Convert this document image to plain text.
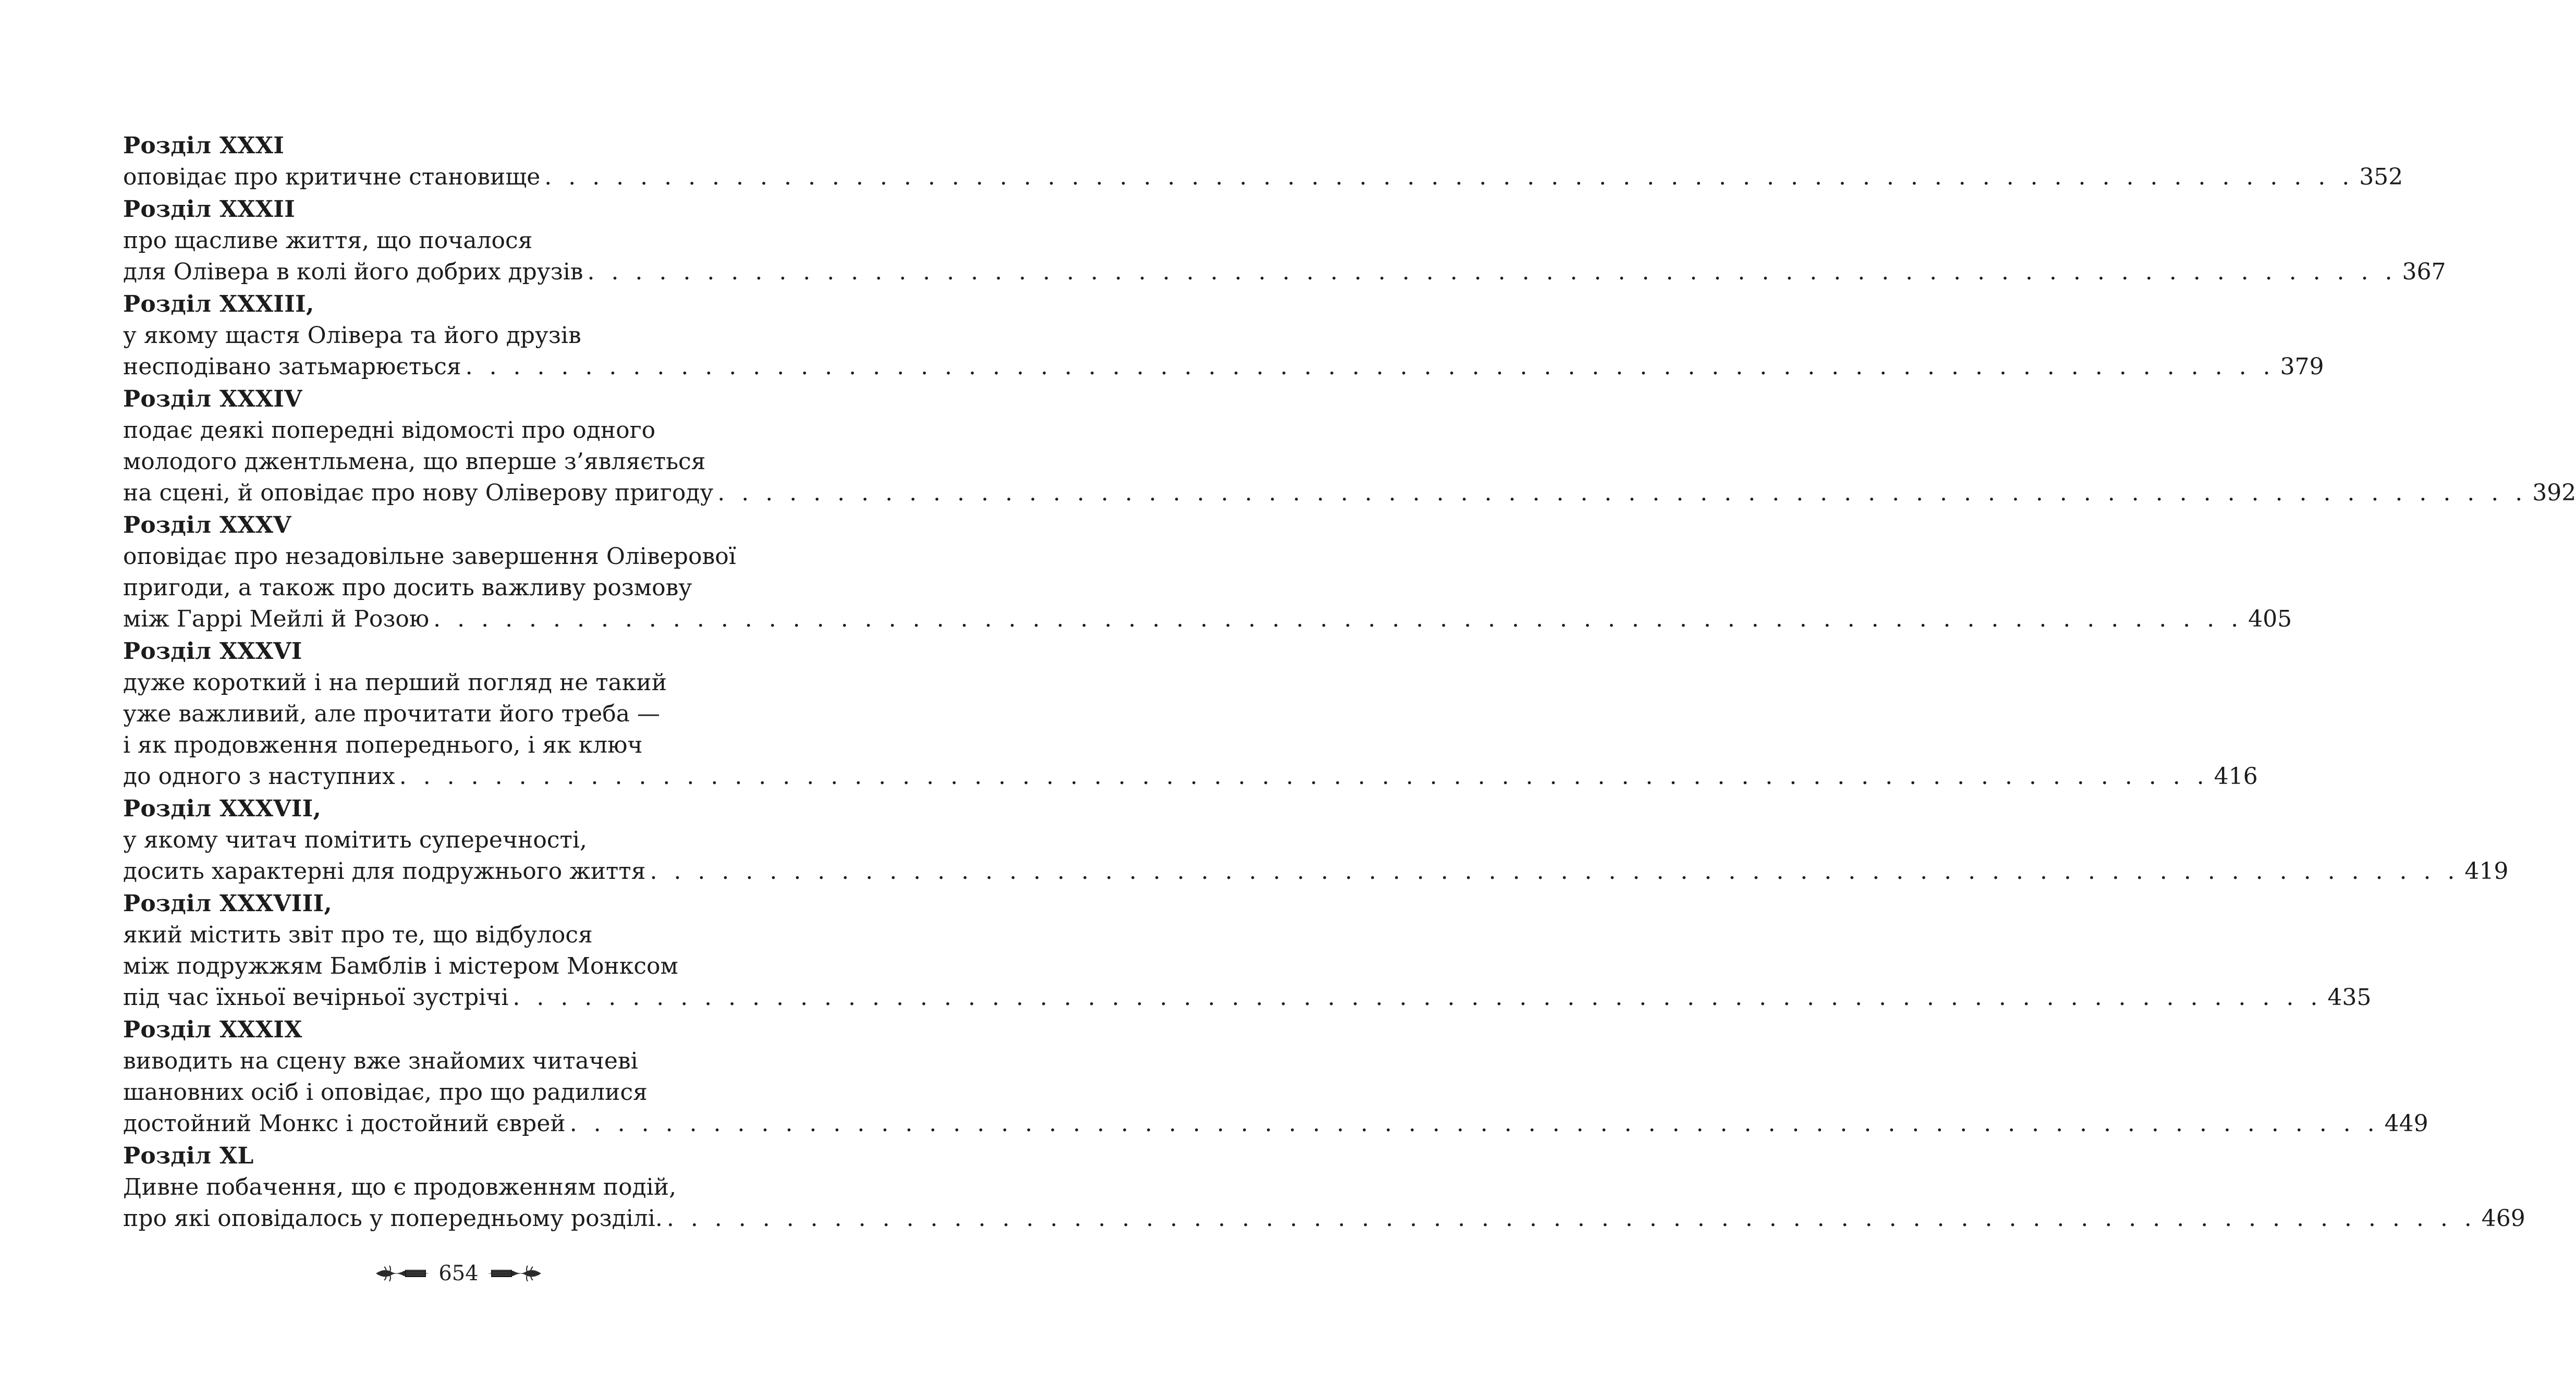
Розділ XXXI
оповідає про критичне становище . . . . . . . . . . . . . . . . . . . . . . . . . . . . . . . . . . . . . . . . . . . . . . . . . . . . . . . . . . . . . . . . . . . . . . . . . . . . 352
Розділ XXXII
про щасливе життя, що почалося
для Олівера в колі його добрих друзів . . . . . . . . . . . . . . . . . . . . . . . . . . . . . . . . . . . . . . . . . . . . . . . . . . . . . . . . . . . . . . . . . . . . . . . . . . . . 367
Розділ XXXIII,
у якому щастя Олівера та його друзів
несподівано затьмарюється . . . . . . . . . . . . . . . . . . . . . . . . . . . . . . . . . . . . . . . . . . . . . . . . . . . . . . . . . . . . . . . . . . . . . . . . . . . . 379
Розділ XXXIV
подає деякі попередні відомості про одного
молодого джентльмена, що вперше з’являється
на сцені, й оповідає про нову Оліверову пригоду . . . . . . . . . . . . . . . . . . . . . . . . . . . . . . . . . . . . . . . . . . . . . . . . . . . . . . . . . . . . . . . . . . . . . . . . . . . . 392
Розділ XXXV
оповідає про незадовільне завершення Оліверової
пригоди, а також про досить важливу розмову
між Гаррі Мейлі й Розою . . . . . . . . . . . . . . . . . . . . . . . . . . . . . . . . . . . . . . . . . . . . . . . . . . . . . . . . . . . . . . . . . . . . . . . . . . . . 405
Розділ XXXVI
дуже короткий і на перший погляд не такий
уже важливий, але прочитати його треба —
і як продовження попереднього, і як ключ
до одного з наступних . . . . . . . . . . . . . . . . . . . . . . . . . . . . . . . . . . . . . . . . . . . . . . . . . . . . . . . . . . . . . . . . . . . . . . . . . . . . 416
Розділ XXXVII,
у якому читач помітить суперечності,
досить характерні для подружнього життя . . . . . . . . . . . . . . . . . . . . . . . . . . . . . . . . . . . . . . . . . . . . . . . . . . . . . . . . . . . . . . . . . . . . . . . . . . . . 419
Розділ XXXVIII,
який містить звіт про те, що відбулося
між подружжям Бамблів і містером Монксом
під час їхньої вечірньої зустрічі . . . . . . . . . . . . . . . . . . . . . . . . . . . . . . . . . . . . . . . . . . . . . . . . . . . . . . . . . . . . . . . . . . . . . . . . . . . . 435
Розділ XXXIX
виводить на сцену вже знайомих читачеві
шановних осіб і оповідає, про що радилися
достойний Монкс і достойний єврей . . . . . . . . . . . . . . . . . . . . . . . . . . . . . . . . . . . . . . . . . . . . . . . . . . . . . . . . . . . . . . . . . . . . . . . . . . . . 449
Розділ XL
Дивне побачення, що є продовженням подій,
про які оповідалось у попередньому розділі. . . . . . . . . . . . . . . . . . . . . . . . . . . . . . . . . . . . . . . . . . . . . . . . . . . . . . . . . . . . . . . . . . . . . . . . . . . . . 469
654
